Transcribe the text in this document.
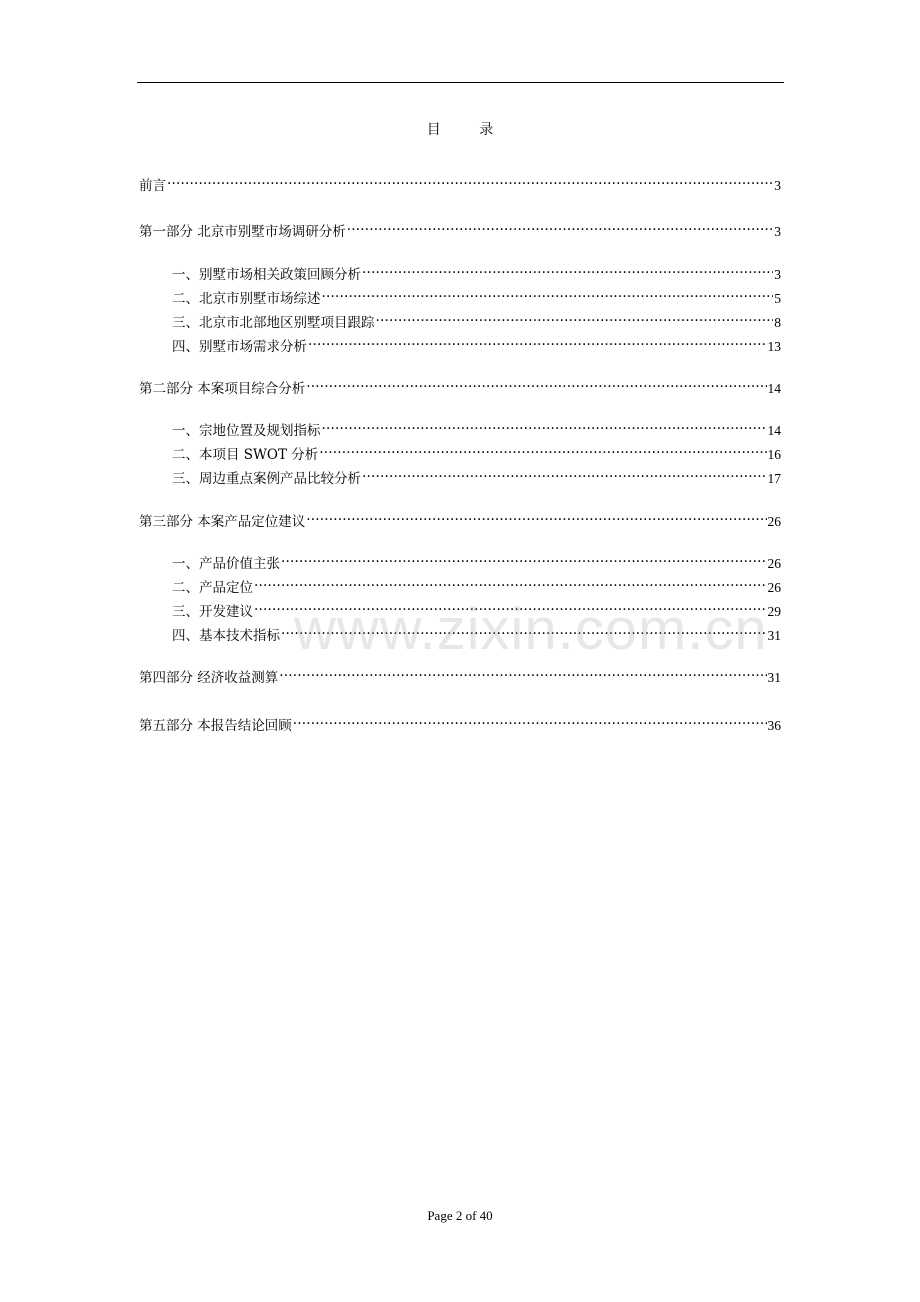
目 录
前言 .....	3
第一部分 北京市别墅市场调研分析 .....	3
一、别墅市场相关政策回顾分析 .....	3
二、北京市别墅市场综述 .....	5
三、北京市北部地区别墅项目跟踪 .....	8
四、别墅市场需求分析 .....	13
第二部分 本案项目综合分析 .....	14
一、宗地位置及规划指标 .....	14
二、本项目 SWOT 分析 .....	16
三、周边重点案例产品比较分析 .....	17
第三部分 本案产品定位建议 .....	26
一、产品价值主张 .....	26
二、产品定位 .....	26
三、开发建议 .....	29
四、基本技术指标 .....	31
第四部分 经济收益测算 .....	31
第五部分 本报告结论回顾 .....	36
www.zixin.com.cn
Page 2 of 40
